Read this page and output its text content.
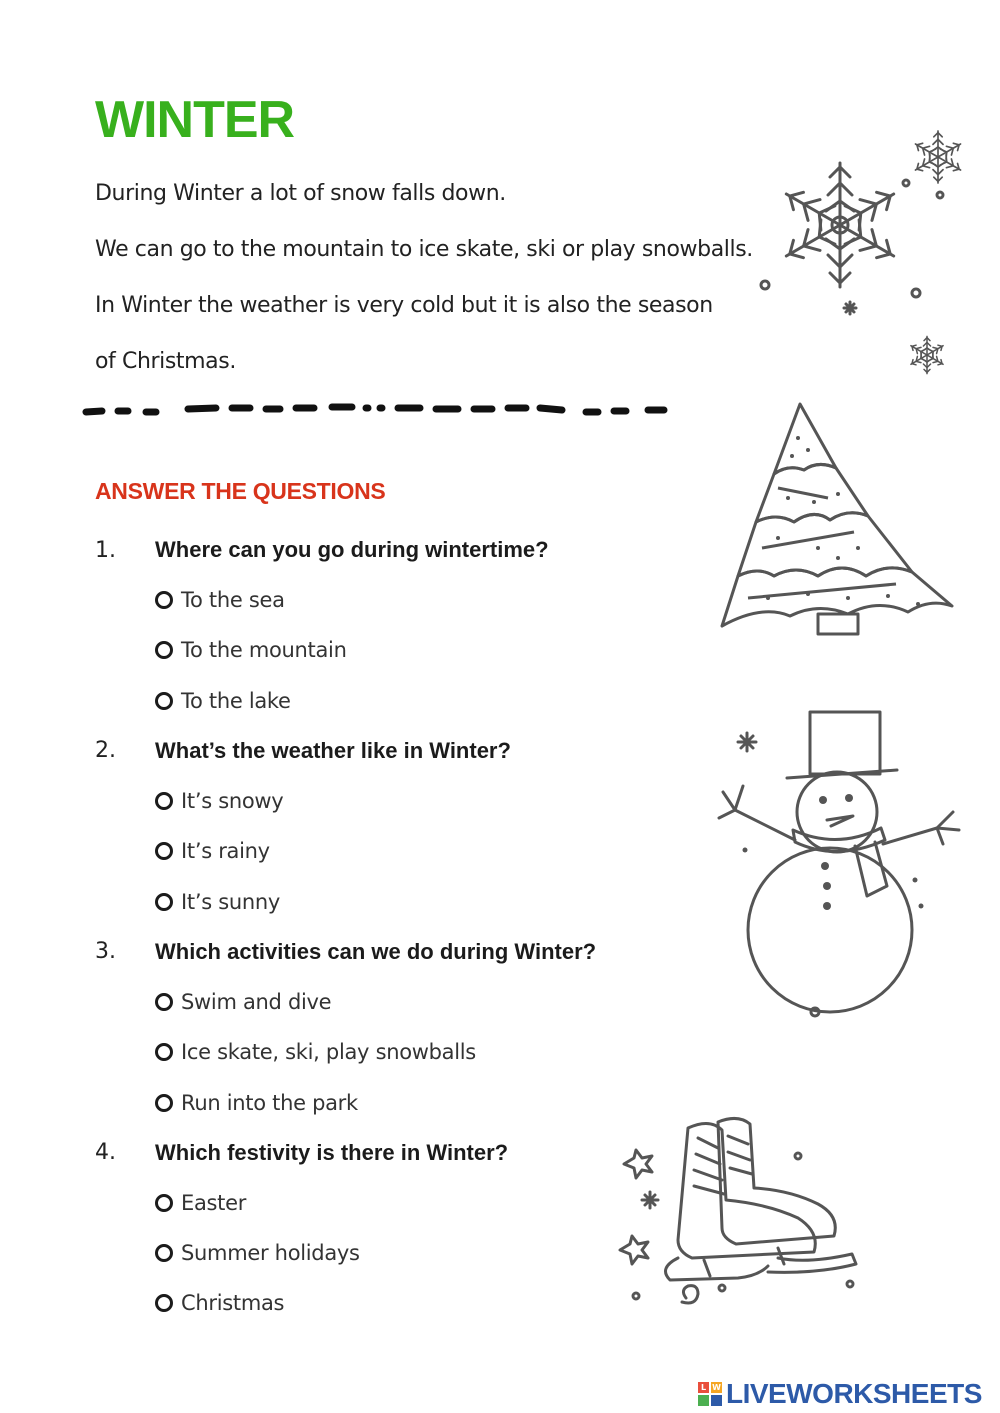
WINTER
During Winter a lot of snow falls down.
We can go to the mountain to ice skate, ski or play snowballs.
In Winter the weather is very cold but it is also the season
of Christmas.
ANSWER THE QUESTIONS
1.	Where can you go during wintertime?
To the sea
To the mountain
To the lake
2.	What’s the weather like in Winter?
It’s snowy
It’s rainy
It’s sunny
3.	Which activities can we do during Winter?
Swim and dive
Ice skate, ski, play snowballs
Run into the park
4.	Which festivity is there in Winter?
Easter
Summer holidays
Christmas
L W LIVEWORKSHEETS
